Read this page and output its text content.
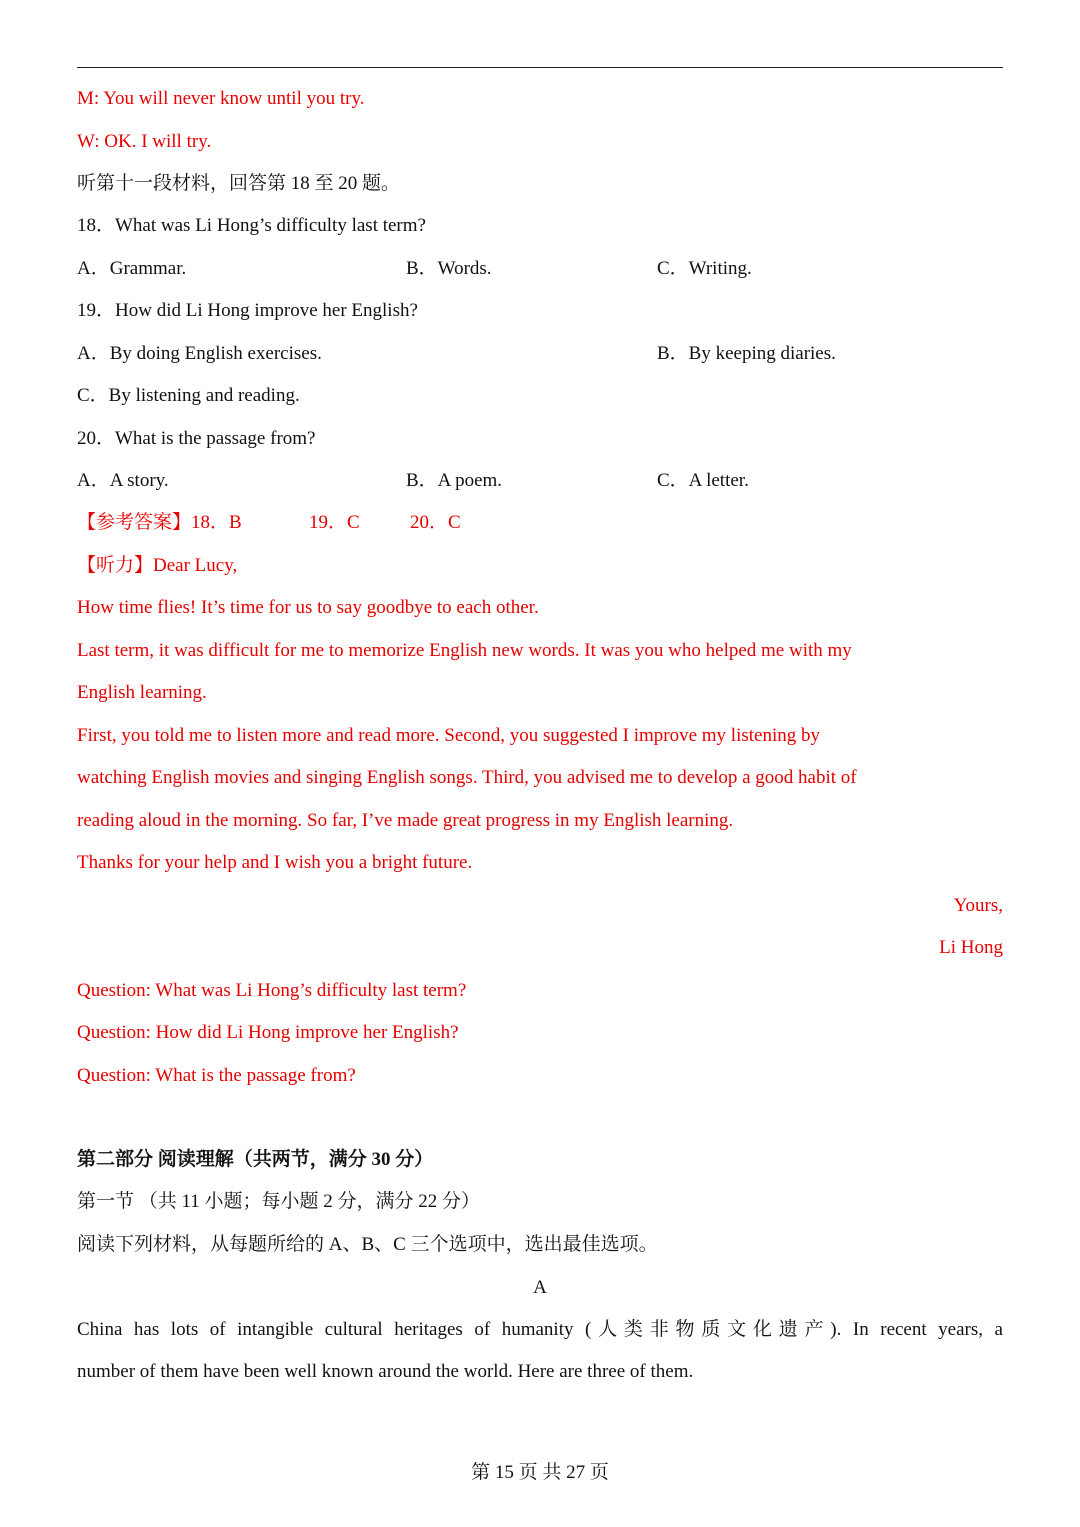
M: You will never know until you try.
W: OK. I will try.
听第十一段材料，回答第 18 至 20 题。
18．What was Li Hong’s difficulty last term?
A．Grammar.	B．Words.	C．Writing.
19．How did Li Hong improve her English?
A．By doing English exercises.	B．By keeping diaries.
C．By listening and reading.
20．What is the passage from?
A．A story.	B．A poem.	C．A letter.
【参考答案】18．B	19．C	20．C
【听力】Dear Lucy,
How time flies! It’s time for us to say goodbye to each other.
Last term, it was difficult for me to memorize English new words. It was you who helped me with my
English learning.
First, you told me to listen more and read more. Second, you suggested I improve my listening by
watching English movies and singing English songs. Third, you advised me to develop a good habit of
reading aloud in the morning. So far, I’ve made great progress in my English learning.
Thanks for your help and I wish you a bright future.
Yours,
Li Hong
Question: What was Li Hong’s difficulty last term?
Question: How did Li Hong improve her English?
Question: What is the passage from?
第二部分 阅读理解（共两节，满分 30 分）
第一节 （共 11 小题；每小题 2 分，满分 22 分）
阅读下列材料，从每题所给的 A、B、C 三个选项中，选出最佳选项。
A
China has lots of intangible cultural heritages of humanity (人类非物质文化遗产). In recent years, a
number of them have been well known around the world. Here are three of them.
第 15 页 共 27 页
